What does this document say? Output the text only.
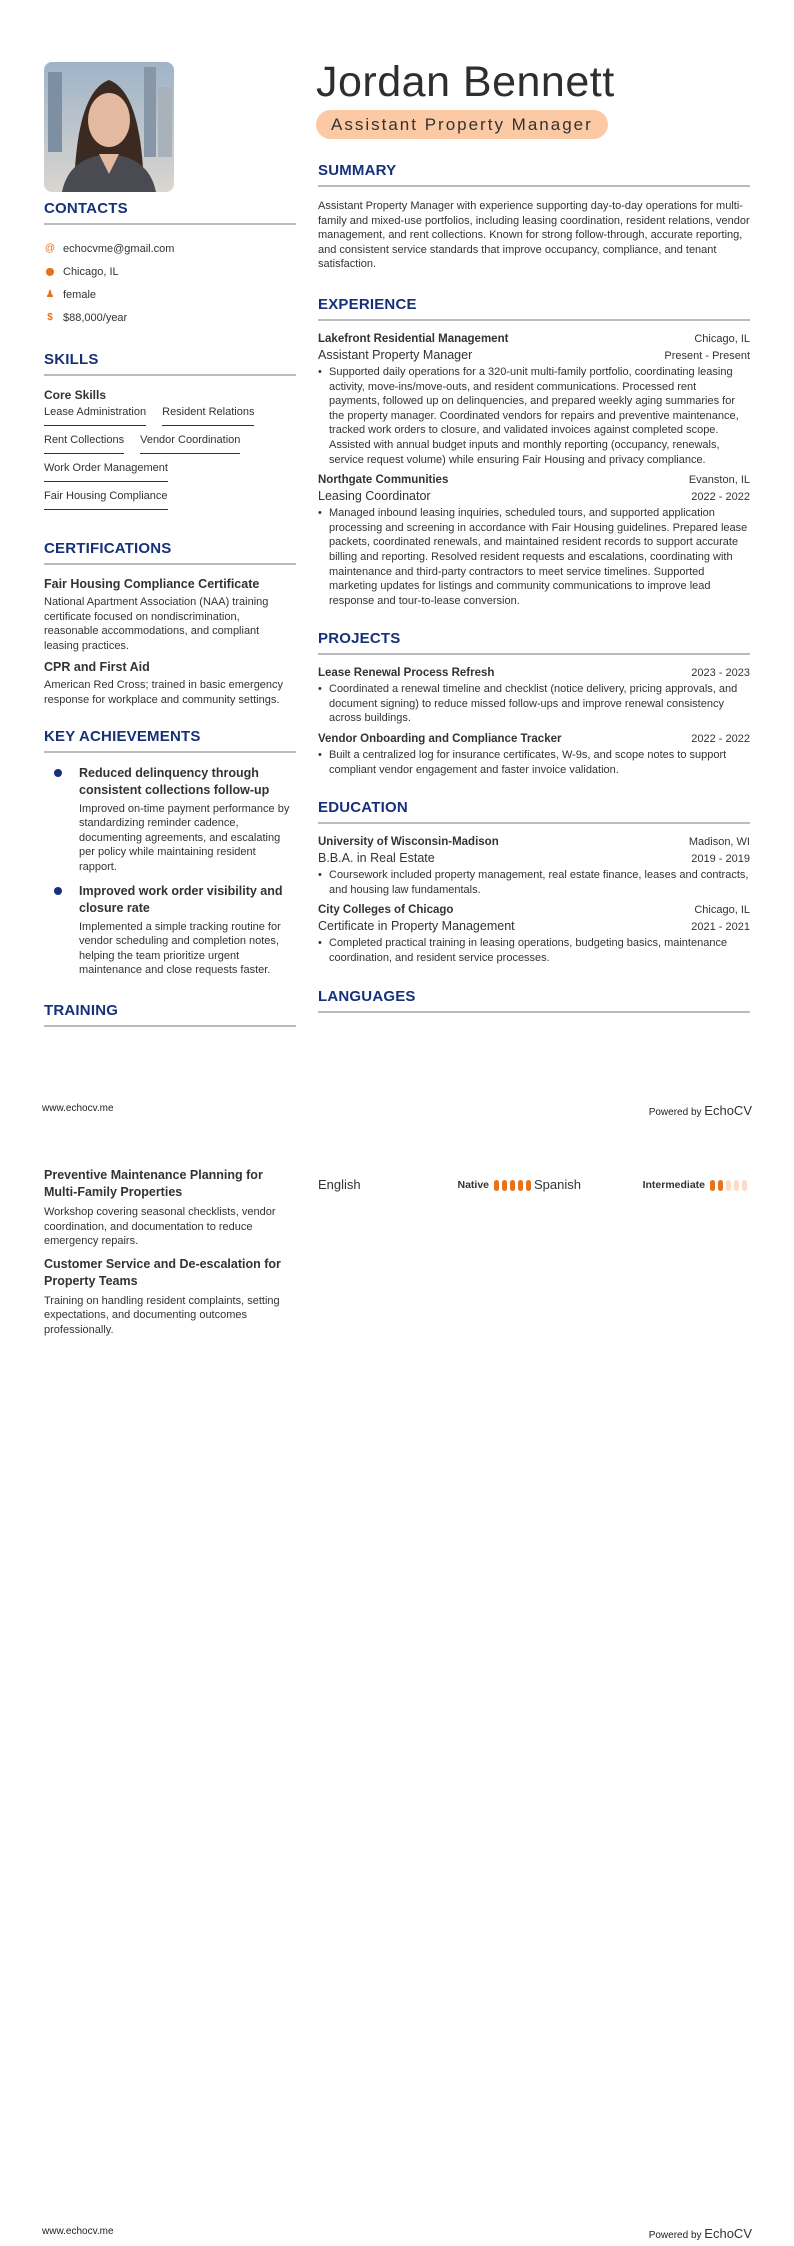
Jordan Bennett
Assistant Property Manager
CONTACTS
@ echocvme@gmail.com
⬤ Chicago, IL
♟ female
$ $88,000/year
SKILLS
Core Skills
Lease Administration Resident Relations
Rent Collections Vendor Coordination
Work Order Management
Fair Housing Compliance
CERTIFICATIONS
Fair Housing Compliance Certificate
National Apartment Association (NAA) training certificate focused on nondiscrimination, reasonable accommodations, and compliant leasing practices.
CPR and First Aid
American Red Cross; trained in basic emergency response for workplace and community settings.
KEY ACHIEVEMENTS
Reduced delinquency through consistent collections follow-up
Improved on-time payment performance by standardizing reminder cadence, documenting agreements, and escalating per policy while maintaining resident rapport.
Improved work order visibility and closure rate
Implemented a simple tracking routine for vendor scheduling and completion notes, helping the team prioritize urgent maintenance and close requests faster.
TRAINING
SUMMARY
Assistant Property Manager with experience supporting day-to-day operations for multi-family and mixed-use portfolios, including leasing coordination, resident relations, vendor management, and rent collections. Known for strong follow-through, accurate reporting, and consistent service standards that improve occupancy, compliance, and tenant satisfaction.
EXPERIENCE
Lakefront Residential Management	Chicago, IL
Assistant Property Manager	Present - Present
• Supported daily operations for a 320-unit multi-family portfolio, coordinating leasing activity, move-ins/move-outs, and resident communications. Processed rent payments, followed up on delinquencies, and prepared weekly aging summaries for the property manager. Coordinated vendors for repairs and preventive maintenance, tracked work orders to closure, and validated invoices against completed scope. Assisted with annual budget inputs and monthly reporting (occupancy, renewals, service request volume) while ensuring Fair Housing and privacy compliance.
Northgate Communities	Evanston, IL
Leasing Coordinator	2022 - 2022
• Managed inbound leasing inquiries, scheduled tours, and supported application processing and screening in accordance with Fair Housing guidelines. Prepared lease packets, coordinated renewals, and maintained resident records to support accurate billing and reporting. Resolved resident requests and escalations, coordinating with maintenance and third-party contractors to meet service timelines. Supported marketing updates for listings and community communications to improve lead response and tour-to-lease conversion.
PROJECTS
Lease Renewal Process Refresh	2023 - 2023
• Coordinated a renewal timeline and checklist (notice delivery, pricing approvals, and document signing) to reduce missed follow-ups and improve renewal consistency across buildings.
Vendor Onboarding and Compliance Tracker	2022 - 2022
• Built a centralized log for insurance certificates, W-9s, and scope notes to support compliant vendor engagement and faster invoice validation.
EDUCATION
University of Wisconsin-Madison	Madison, WI
B.B.A. in Real Estate	2019 - 2019
• Coursework included property management, real estate finance, leases and contracts, and housing law fundamentals.
City Colleges of Chicago	Chicago, IL
Certificate in Property Management	2021 - 2021
• Completed practical training in leasing operations, budgeting basics, maintenance coordination, and resident service processes.
LANGUAGES
www.echocv.me	Powered by EchoCV
Preventive Maintenance Planning for Multi-Family Properties
Workshop covering seasonal checklists, vendor coordination, and documentation to reduce emergency repairs.
Customer Service and De-escalation for Property Teams
Training on handling resident complaints, setting expectations, and documenting outcomes professionally.
English	Native	Spanish	Intermediate
www.echocv.me	Powered by EchoCV
